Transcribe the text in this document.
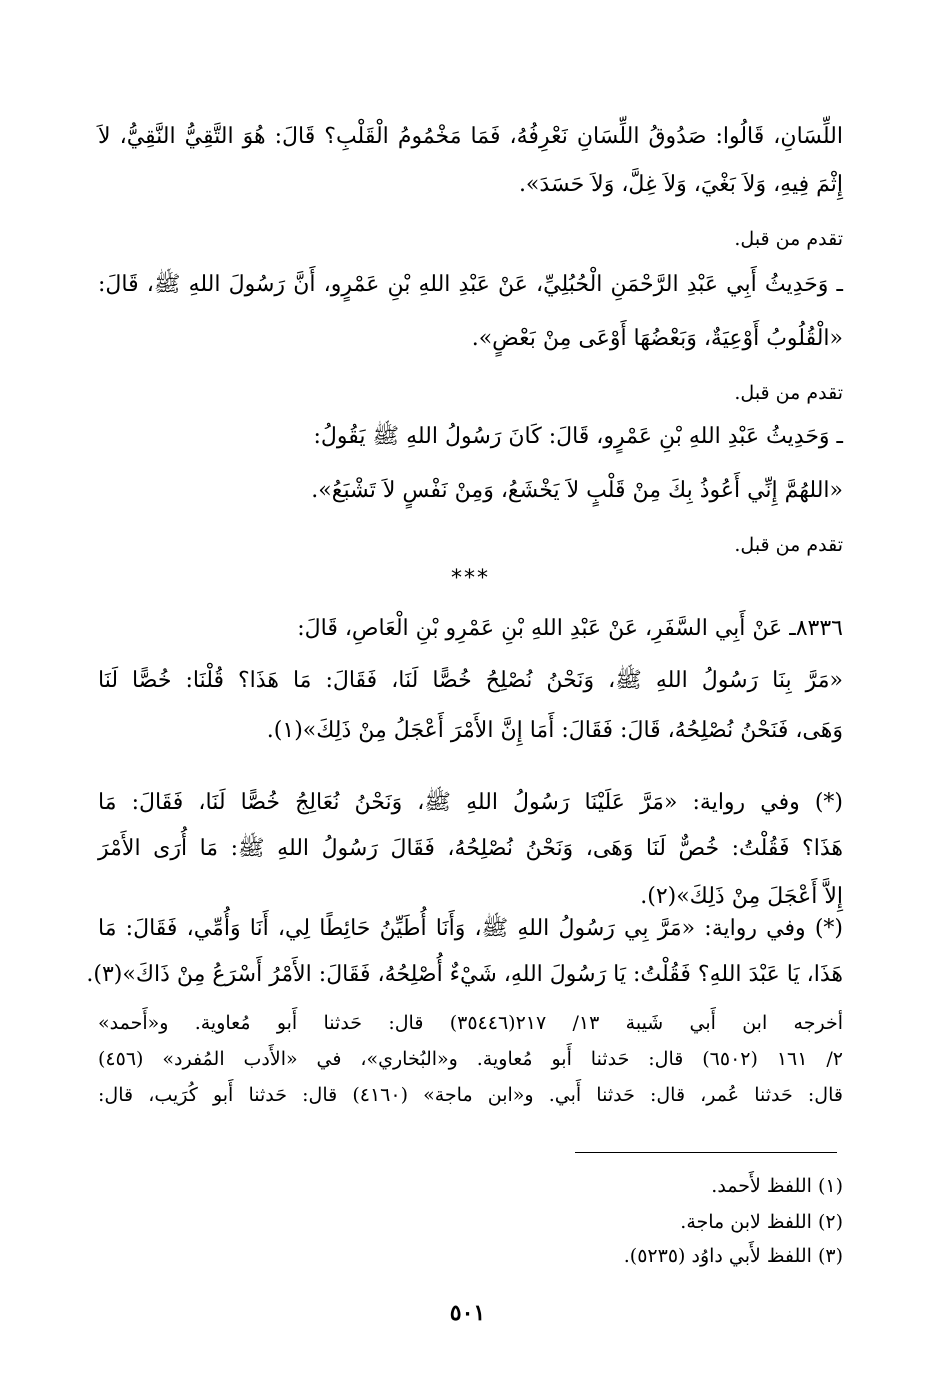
اللِّسَانِ، قَالُوا: صَدُوقُ اللِّسَانِ نَعْرِفُهُ، فَمَا مَخْمُومُ الْقَلْبِ؟ قَالَ: هُوَ التَّقِيُّ النَّقِيُّ، لاَ
إِثْمَ فِيهِ، وَلاَ بَغْيَ، وَلاَ غِلَّ، وَلاَ حَسَدَ».
تقدم من قبل.
ـ وَحَدِيثُ أَبِي عَبْدِ الرَّحْمَنِ الْحُبُلِيِّ، عَنْ عَبْدِ اللهِ بْنِ عَمْرٍو، أَنَّ رَسُولَ اللهِ ﷺ، قَالَ:
«الْقُلُوبُ أَوْعِيَةٌ، وَبَعْضُهَا أَوْعَى مِنْ بَعْضٍ».
تقدم من قبل.
ـ وَحَدِيثُ عَبْدِ اللهِ بْنِ عَمْرٍو، قَالَ: كَانَ رَسُولُ اللهِ ﷺ يَقُولُ:
«اللهُمَّ إِنِّي أَعُوذُ بِكَ مِنْ قَلْبٍ لاَ يَخْشَعُ، وَمِنْ نَفْسٍ لاَ تَشْبَعُ».
تقدم من قبل.
***
٨٣٣٦ـ عَنْ أَبِي السَّفَرِ، عَنْ عَبْدِ اللهِ بْنِ عَمْرِو بْنِ الْعَاصِ، قَالَ:
«مَرَّ بِنَا رَسُولُ اللهِ ﷺ، وَنَحْنُ نُصْلِحُ خُصًّا لَنَا، فَقَالَ: مَا هَذَا؟ قُلْنَا: خُصًّا لَنَا
وَهَى، فَنَحْنُ نُصْلِحُهُ، قَالَ: فَقَالَ: أَمَا إِنَّ الأَمْرَ أَعْجَلُ مِنْ ذَلِكَ»(١).
(*) وفي رواية: «مَرَّ عَلَيْنَا رَسُولُ اللهِ ﷺ، وَنَحْنُ نُعَالِجُ خُصًّا لَنَا، فَقَالَ: مَا
هَذَا؟ فَقُلْتُ: خُصٌّ لَنَا وَهَى، وَنَحْنُ نُصْلِحُهُ، فَقَالَ رَسُولُ اللهِ ﷺ: مَا أُرَى الأَمْرَ
إِلاَّ أَعْجَلَ مِنْ ذَلِكَ»(٢).
(*) وفي رواية: «مَرَّ بِي رَسُولُ اللهِ ﷺ، وَأَنَا أُطَيِّنُ حَائِطًا لِي، أَنَا وَأُمِّي، فَقَالَ: مَا
هَذَا، يَا عَبْدَ اللهِ؟ فَقُلْتُ: يَا رَسُولَ اللهِ، شَيْءٌ أُصْلِحُهُ، فَقَالَ: الأَمْرُ أَسْرَعُ مِنْ ذَاكَ»(٣).
أخرجه ابن أَبي شَيبة ١٣/ ٢١٧(٣٥٤٤٦) قال: حَدثنا أَبو مُعاوية. و«أَحمد»
٢/ ١٦١ (٦٥٠٢) قال: حَدثنا أَبو مُعاوية. و«البُخاري»، في «الأَدب المُفرد» (٤٥٦)
قال: حَدثنا عُمر، قال: حَدثنا أَبي. و«ابن ماجة» (٤١٦٠) قال: حَدثنا أَبو كُرَيب، قال:
(١) اللفظ لأَحمد.
(٢) اللفظ لابن ماجة.
(٣) اللفظ لأَبي داوُد (٥٢٣٥).
٥٠١
